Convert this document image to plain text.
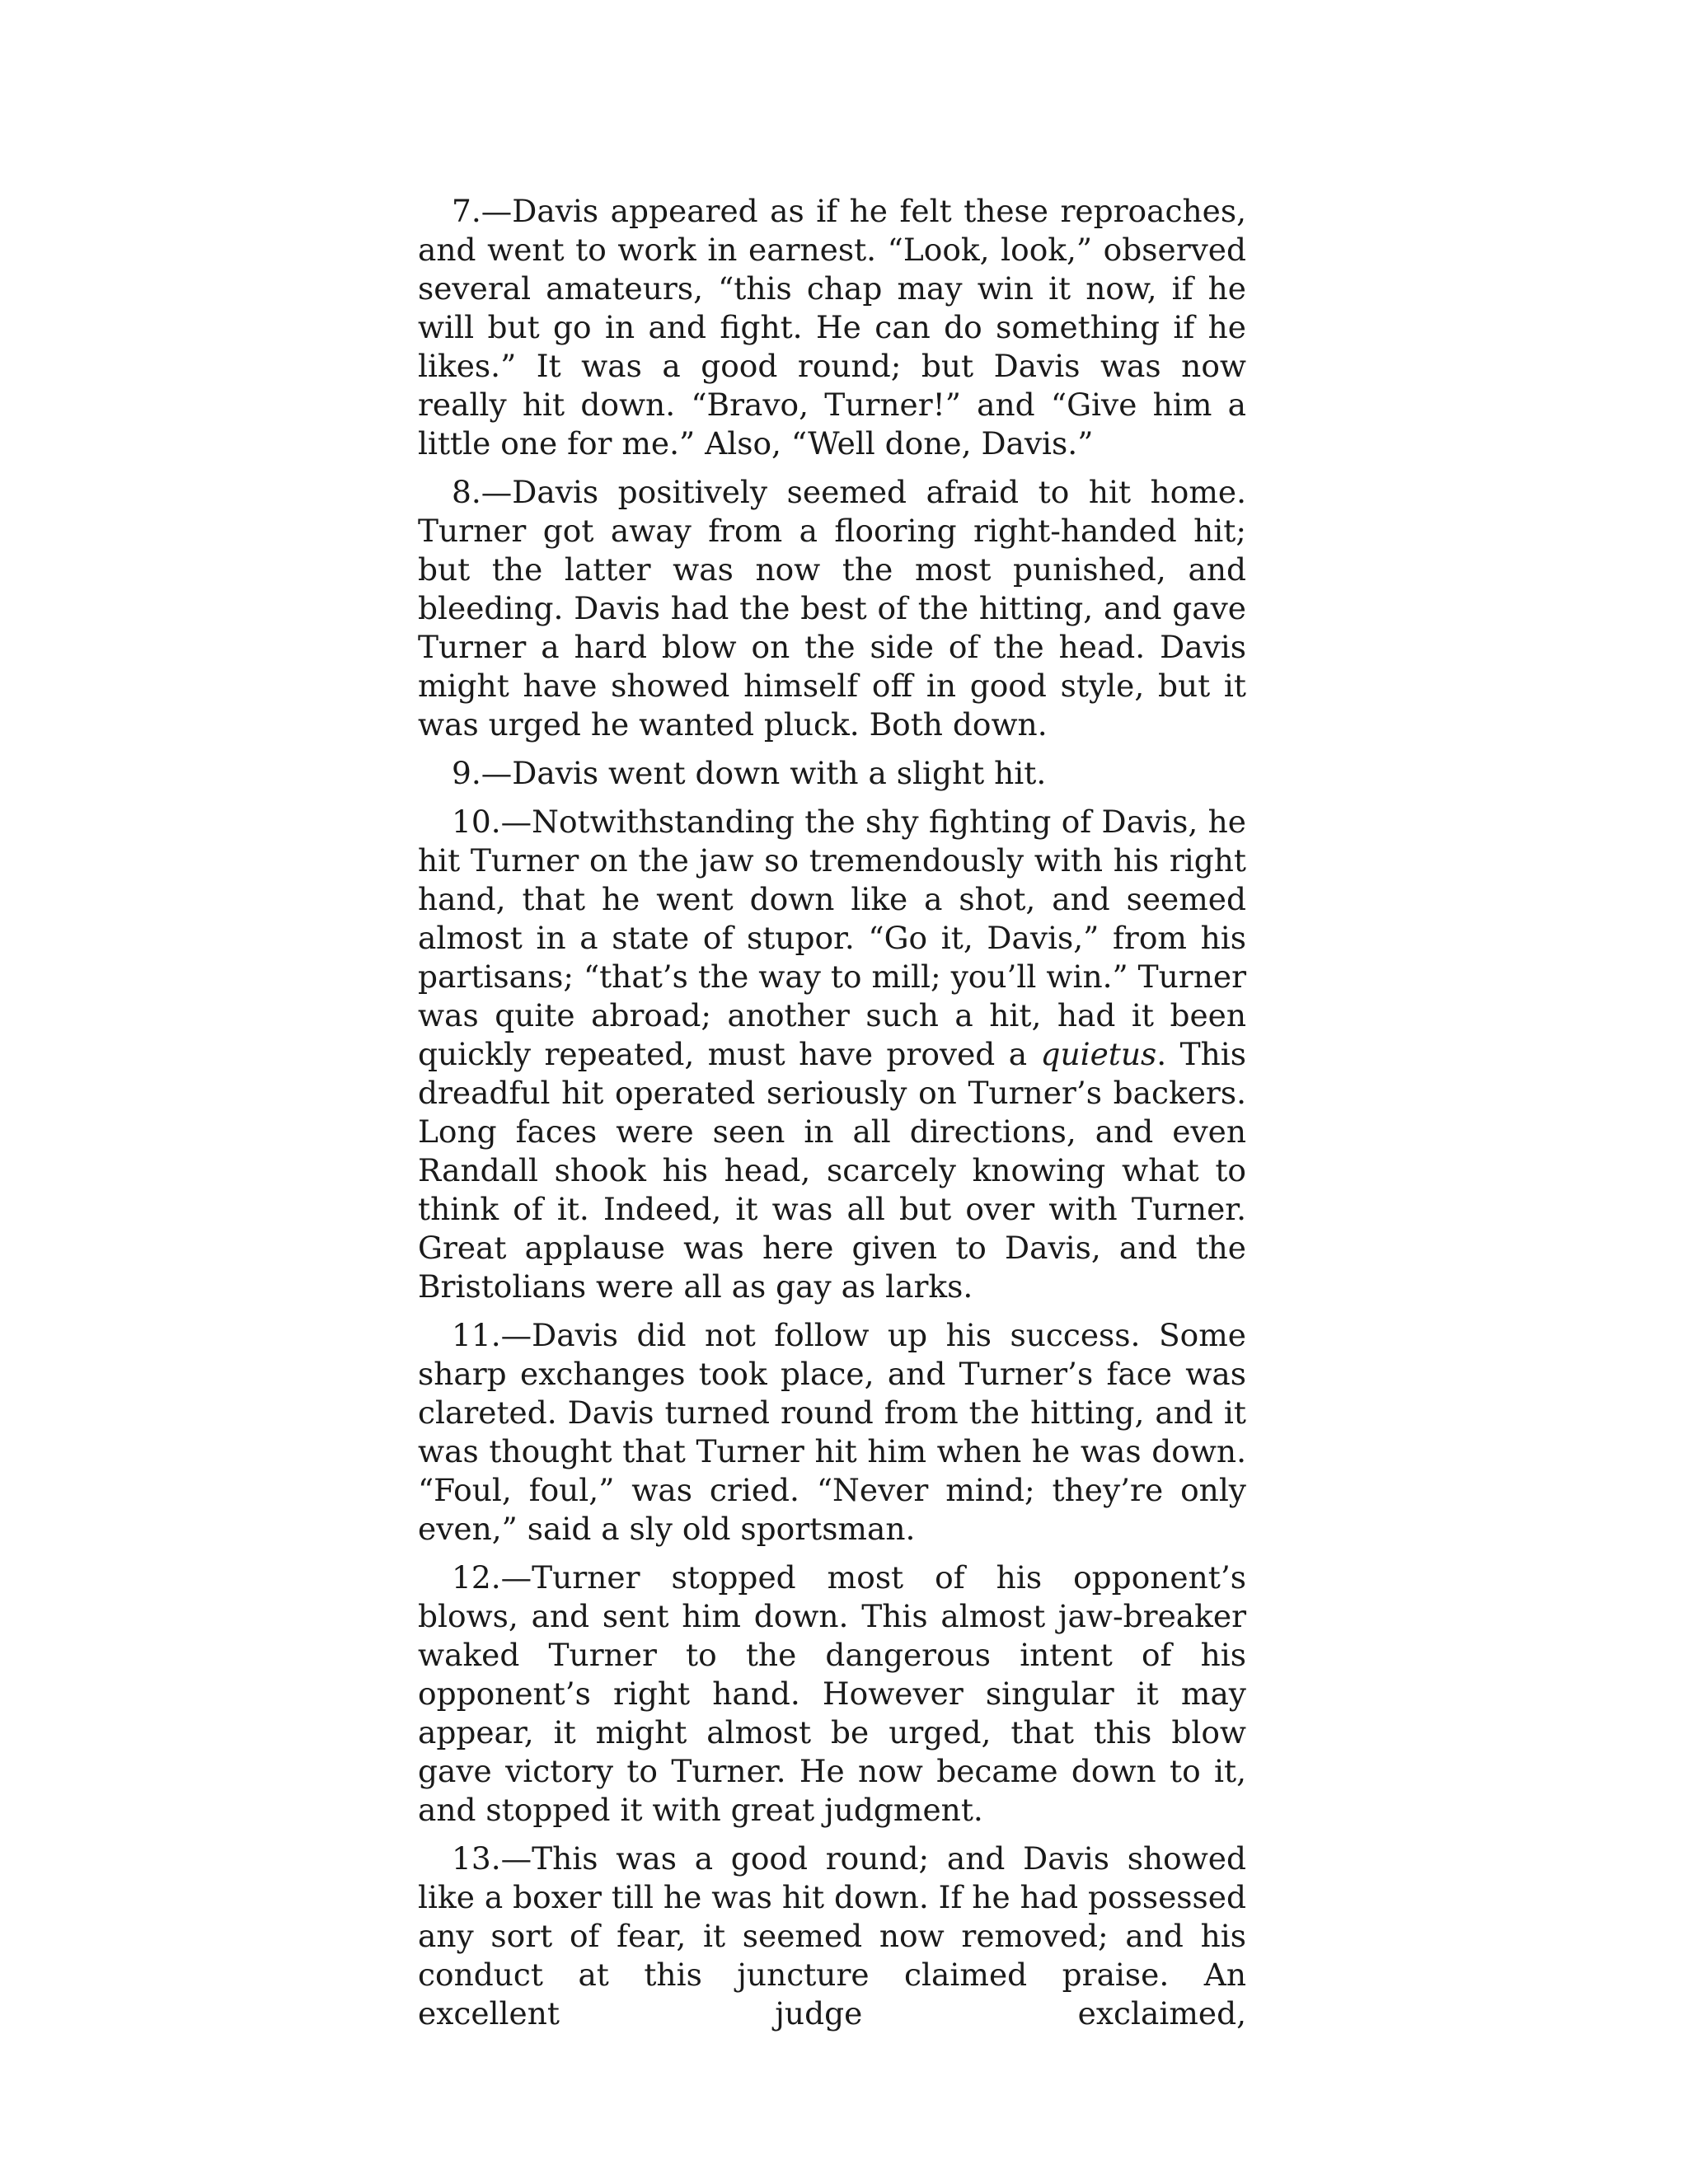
7.—Davis appeared as if he felt these reproaches, and went to work in earnest. “Look, look,” observed several amateurs, “this chap may win it now, if he will but go in and fight. He can do something if he likes.” It was a good round; but Davis was now really hit down. “Bravo, Turner!” and “Give him a little one for me.” Also, “Well done, Davis.”

8.—Davis positively seemed afraid to hit home. Turner got away from a flooring right-handed hit; but the latter was now the most punished, and bleeding. Davis had the best of the hitting, and gave Turner a hard blow on the side of the head. Davis might have showed himself off in good style, but it was urged he wanted pluck. Both down.

9.—Davis went down with a slight hit.

10.—Notwithstanding the shy fighting of Davis, he hit Turner on the jaw so tremendously with his right hand, that he went down like a shot, and seemed almost in a state of stupor. “Go it, Davis,” from his partisans; “that’s the way to mill; you’ll win.” Turner was quite abroad; another such a hit, had it been quickly repeated, must have proved a quietus. This dreadful hit operated seriously on Turner’s backers. Long faces were seen in all directions, and even Randall shook his head, scarcely knowing what to think of it. Indeed, it was all but over with Turner. Great applause was here given to Davis, and the Bristolians were all as gay as larks.

11.—Davis did not follow up his success. Some sharp exchanges took place, and Turner’s face was clareted. Davis turned round from the hitting, and it was thought that Turner hit him when he was down. “Foul, foul,” was cried. “Never mind; they’re only even,” said a sly old sportsman.

12.—Turner stopped most of his opponent’s blows, and sent him down. This almost jaw-breaker waked Turner to the dangerous intent of his opponent’s right hand. However singular it may appear, it might almost be urged, that this blow gave victory to Turner. He now became down to it, and stopped it with great judgment.

13.—This was a good round; and Davis showed like a boxer till he was hit down. If he had possessed any sort of fear, it seemed now removed; and his conduct at this juncture claimed praise. An excellent judge exclaimed,
